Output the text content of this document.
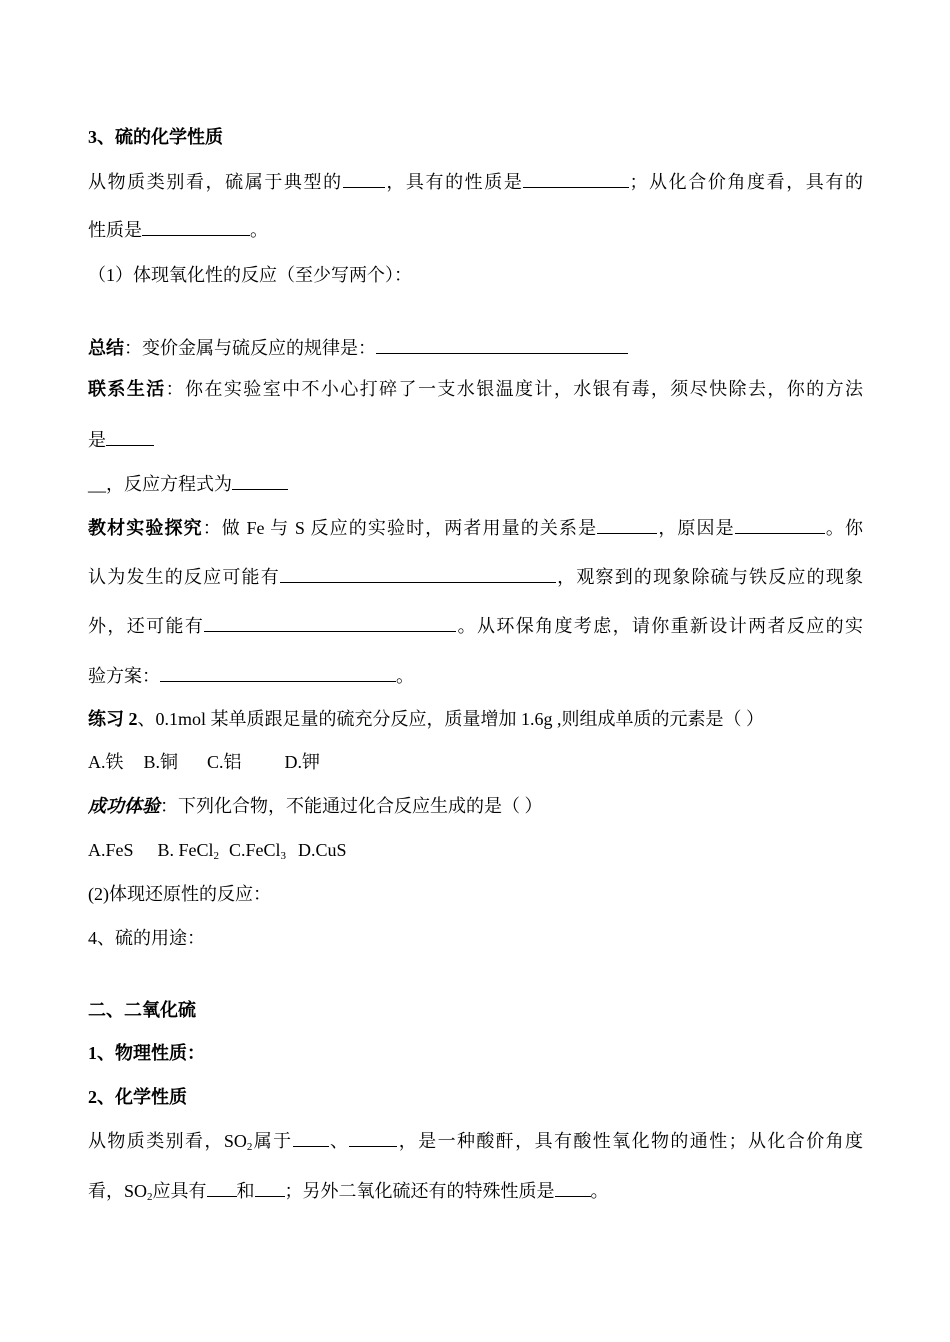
3、硫的化学性质
从物质类别看，硫属于典型的 ，具有的性质是	；从化合价角度看，具有的
性质是	。
（1）体现氧化性的反应（至少写两个）：
总结：变价金属与硫反应的规律是：
联系生活：你在实验室中不小心打碎了一支水银温度计，水银有毒，须尽快除去，你的方法
是
__，反应方程式为
教材实验探究：做 Fe 与 S 反应的实验时，两者用量的关系是	，原因是	。你
认为发生的反应可能有	，观察到的现象除硫与铁反应的现象
外，还可能有	。从环保角度考虑，请你重新设计两者反应的实
验方案：	。
练习 2、0.1mol 某单质跟足量的硫充分反应，质量增加 1.6g ,则组成单质的元素是（ ）
A.铁 B.铜 C.铝 D.钾
成功体验：下列化合物，不能通过化合反应生成的是（ ）
A.FeS B. FeCl$_2$ C.FeCl$_3$ D.CuS
(2)体现还原性的反应：
4、硫的用途：
二、二氧化硫
1、物理性质：
2、化学性质
从物质类别看，$SO_2$属于 、	，是一种酸酐，具有酸性氧化物的通性；从化合价角度
看，$SO_2$应具有 和 ；另外二氧化硫还有的特殊性质是 。
